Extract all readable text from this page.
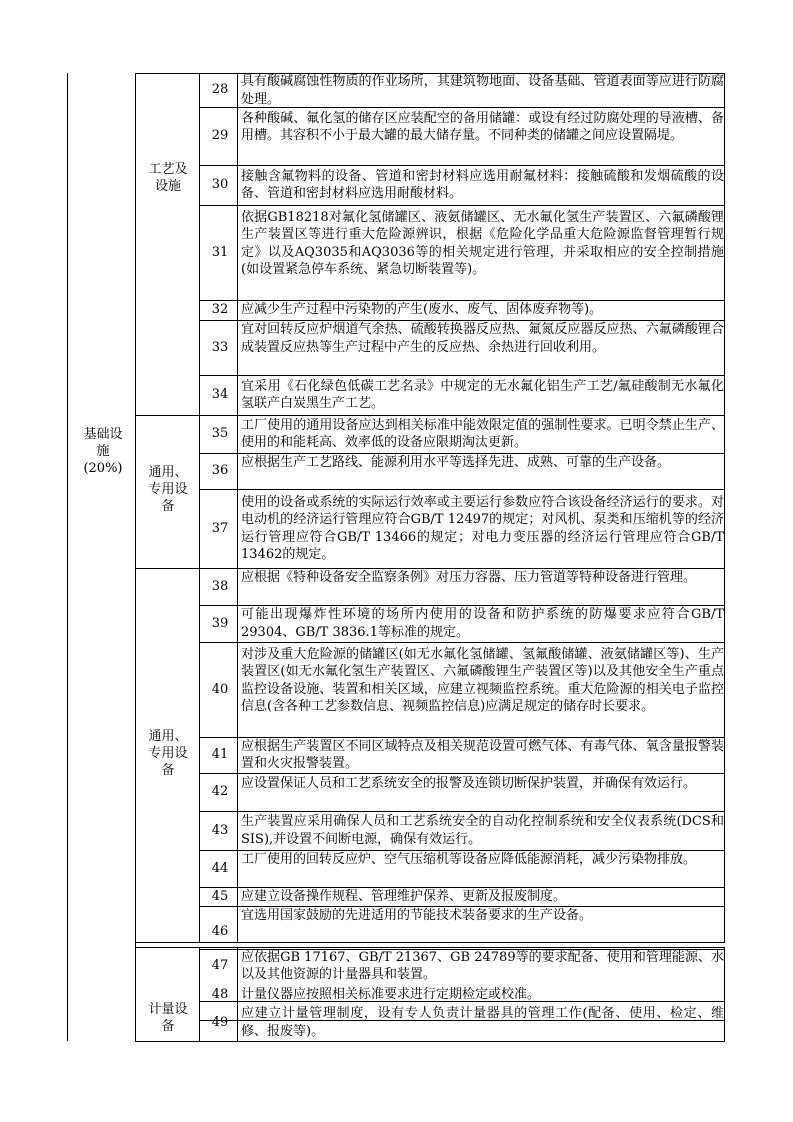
28
具有酸碱腐蚀性物质的作业场所，其建筑物地面、设备基础、管道表面等应进行防腐处理。
29
各种酸碱、氟化氢的储存区应装配空的备用储罐：或设有经过防腐处理的导液槽、备用槽。其容积不小于最大罐的最大储存量。不同种类的储罐之间应设置隔堤。
30
接触含氟物料的设备、管道和密封材料应选用耐氟材料：接触硫酸和发烟硫酸的设备、管道和密封材料应选用耐酸材料。
31
依据GB18218对氟化氢储罐区、液氨储罐区、无水氟化氢生产装置区、六氟磷酸锂生产装置区等进行重大危险源辨识，根据《危险化学品重大危险源监督管理暂行规定》以及AQ3035和AQ3036等的相关规定进行管理，并采取相应的安全控制措施(如设置紧急停车系统、紧急切断装置等)。
32 应减少生产过程中污染物的产生(废水、废气、固体废弃物等)。
33
宜对回转反应炉烟道气余热、硫酸转换器反应热、氟氮反应器反应热、六氟磷酸锂合成装置反应热等生产过程中产生的反应热、余热进行回收利用。
34
宜采用《石化绿色低碳工艺名录》中规定的无水氟化铝生产工艺/氟硅酸制无水氟化氢联产白炭黑生产工艺。
35
工厂使用的通用设备应达到相关标准中能效限定值的强制性要求。已明令禁止生产、使用的和能耗高、效率低的设备应限期淘汰更新。
36
应根据生产工艺路线、能源利用水平等选择先进、成熟、可靠的生产设备。
37
使用的设备或系统的实际运行效率或主要运行参数应符合该设备经济运行的要求。对电动机的经济运行管理应符合GB/T 12497的规定；对风机、泵类和压缩机等的经济运行管理应符合GB/T 13466的规定；对电力变压器的经济运行管理应符合GB/T 13462的规定。
38
应根据《特种设备安全监察条例》对压力容器、压力管道等特种设备进行管理。
39
可能出现爆炸性环境的场所内使用的设备和防护系统的防爆要求应符合GB/T 29304、GB/T 3836.1等标准的规定。
40
对涉及重大危险源的储罐区(如无水氟化氢储罐、氢氟酸储罐、液氨储罐区等)、生产装置区(如无水氟化氢生产装置区、六氟磷酸锂生产装置区等)以及其他安全生产重点监控设备设施、装置和相关区域，应建立视频监控系统。重大危险源的相关电子监控信息(含各种工艺参数信息、视频监控信息)应满足规定的储存时长要求。
41
应根据生产装置区不同区域特点及相关规范设置可燃气体、有毒气体、氧含量报警装置和火灾报警装置。
42
应设置保证人员和工艺系统安全的报警及连锁切断保护装置，并确保有效运行。
43
生产装置应采用确保人员和工艺系统安全的自动化控制系统和安全仪表系统(DCS和SIS),并设置不间断电源，确保有效运行。
44
工厂使用的回转反应炉、空气压缩机等设备应降低能源消耗，减少污染物排放。
45 应建立设备操作规程、管理维护保养、更新及报废制度。
46
宜选用国家鼓励的先进适用的节能技术装备要求的生产设备。
47
应依据GB 17167、GB/T 21367、GB 24789等的要求配备、使用和管理能源、水以及其他资源的计量器具和装置。
48 计量仪器应按照相关标准要求进行定期检定或校准。
49
应建立计量管理制度，设有专人负责计量器具的管理工作(配备、使用、检定、维修、报废等)。
基础设
施
(20%)
工艺及
设施
通用、
专用设
备
通用、
专用设
备
计量设
备
